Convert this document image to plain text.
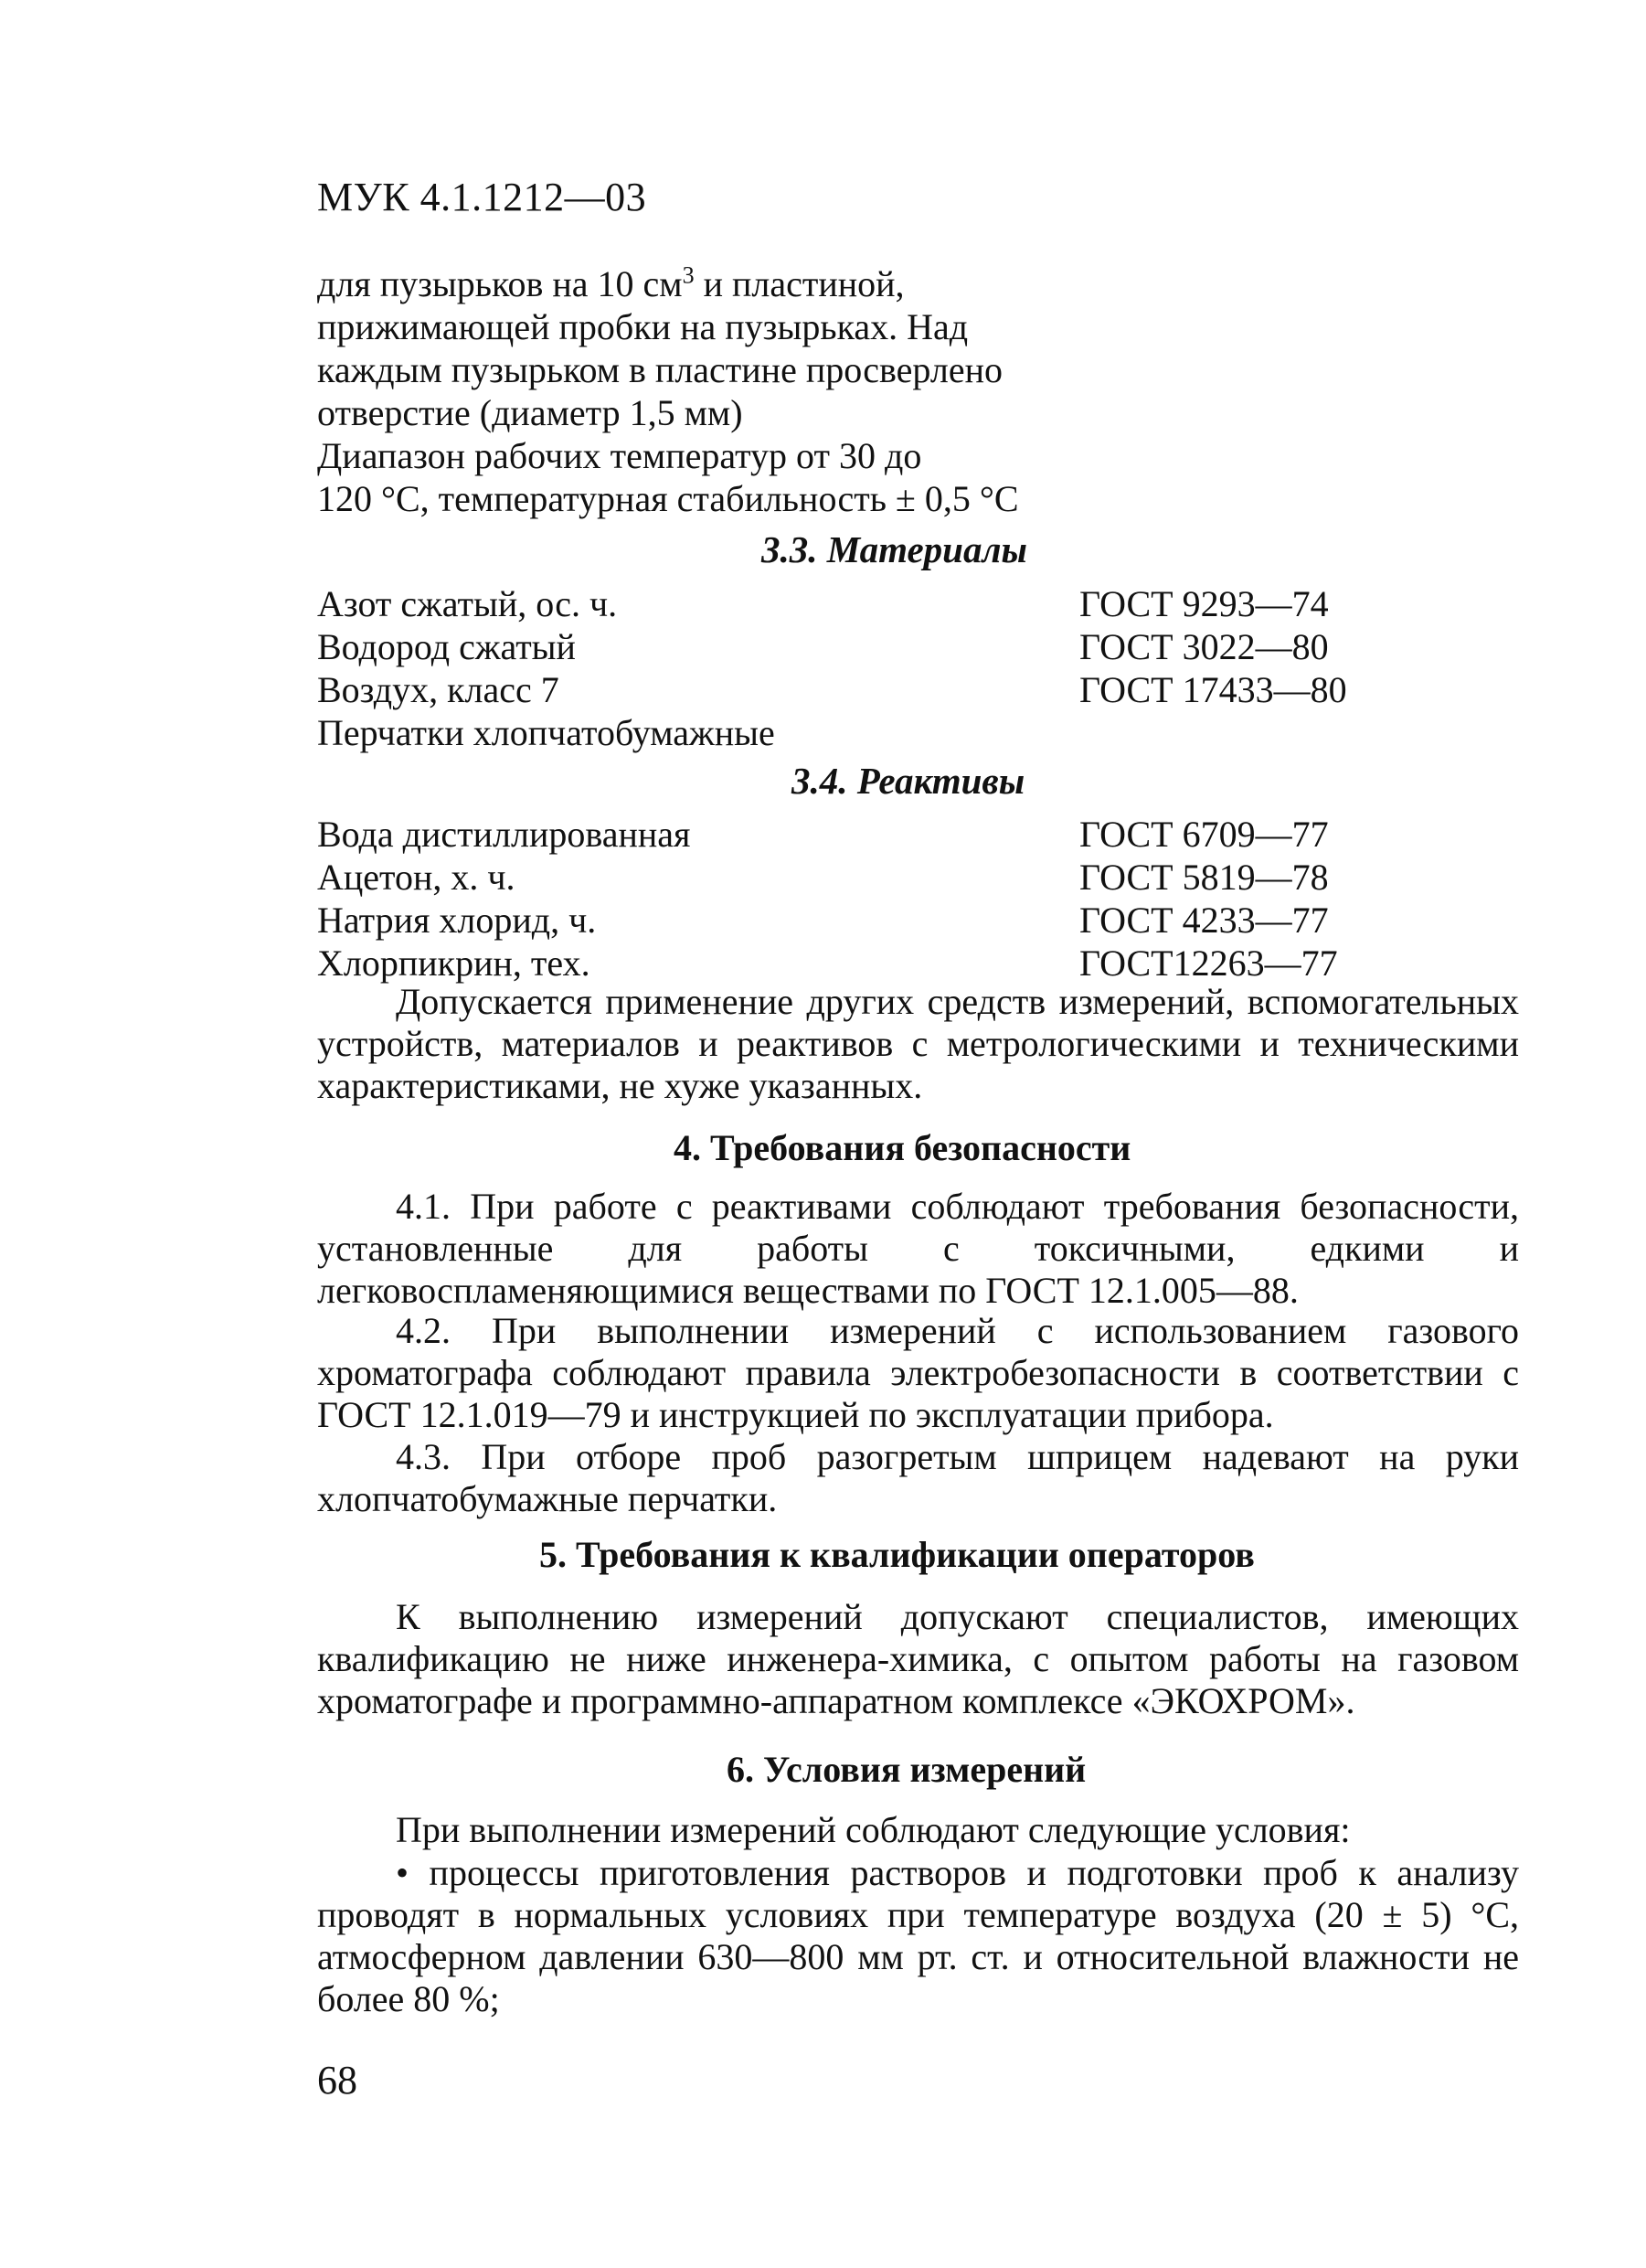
МУК 4.1.1212—03
для пузырьков на 10 $см^3$ и пластиной,
прижимающей пробки на пузырьках. Над
каждым пузырьком в пластине просверлено
отверстие (диаметр 1,5 мм)
Диапазон рабочих температур от 30 до
120 °С, температурная стабильность ± 0,5 °С
3.3. Материалы
Азот сжатый, ос. ч.	ГОСТ 9293—74
Водород сжатый	ГОСТ 3022—80
Воздух, класс 7	ГОСТ 17433—80
Перчатки хлопчатобумажные
3.4. Реактивы
Вода дистиллированная	ГОСТ 6709—77
Ацетон, х. ч.	ГОСТ 5819—78
Натрия хлорид, ч.	ГОСТ 4233—77
Хлорпикрин, тех.	ГОСТ12263—77
Допускается применение других средств измерений, вспомогательных устройств, материалов и реактивов с метрологическими и техническими характеристиками, не хуже указанных.
4. Требования безопасности
4.1. При работе с реактивами соблюдают требования безопасности, установленные для работы с токсичными, едкими и легковоспламеняющимися веществами по ГОСТ 12.1.005—88.
4.2. При выполнении измерений с использованием газового хроматографа соблюдают правила электробезопасности в соответствии с ГОСТ 12.1.019—79 и инструкцией по эксплуатации прибора.
4.3. При отборе проб разогретым шприцем надевают на руки хлопчатобумажные перчатки.
5. Требования к квалификации операторов
К выполнению измерений допускают специалистов, имеющих квалификацию не ниже инженера-химика, с опытом работы на газовом хроматографе и программно-аппаратном комплексе «ЭКОХРОМ».
6. Условия измерений
При выполнении измерений соблюдают следующие условия:
• процессы приготовления растворов и подготовки проб к анализу проводят в нормальных условиях при температуре воздуха (20 ± 5) °С, атмосферном давлении 630—800 мм рт. ст. и относительной влажности не более 80 %;
68
